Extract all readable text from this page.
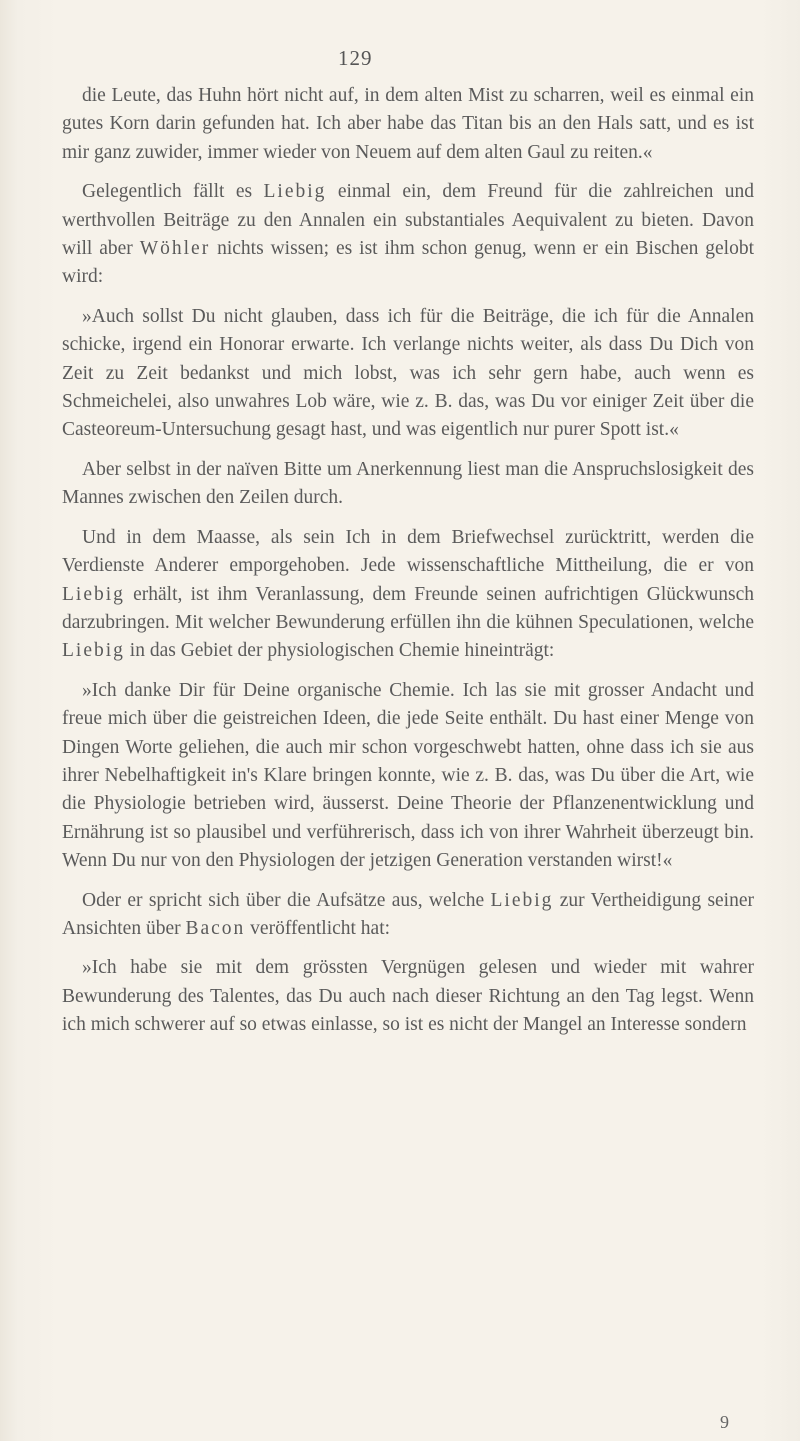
129

die Leute, das Huhn hört nicht auf, in dem alten Mist zu scharren, weil es einmal ein gutes Korn darin gefunden hat. Ich aber habe das Titan bis an den Hals satt, und es ist mir ganz zuwider, immer wieder von Neuem auf dem alten Gaul zu reiten.«

Gelegentlich fällt es Liebig einmal ein, dem Freund für die zahlreichen und werthvollen Beiträge zu den Annalen ein substantiales Aequivalent zu bieten. Davon will aber Wöhler nichts wissen; es ist ihm schon genug, wenn er ein Bischen gelobt wird:

»Auch sollst Du nicht glauben, dass ich für die Beiträge, die ich für die Annalen schicke, irgend ein Honorar erwarte. Ich verlange nichts weiter, als dass Du Dich von Zeit zu Zeit bedankst und mich lobst, was ich sehr gern habe, auch wenn es Schmeichelei, also unwahres Lob wäre, wie z. B. das, was Du vor einiger Zeit über die Casteoreum-Untersuchung gesagt hast, und was eigentlich nur purer Spott ist.«

Aber selbst in der naïven Bitte um Anerkennung liest man die Anspruchslosigkeit des Mannes zwischen den Zeilen durch.

Und in dem Maasse, als sein Ich in dem Briefwechsel zurücktritt, werden die Verdienste Anderer emporgehoben. Jede wissenschaftliche Mittheilung, die er von Liebig erhält, ist ihm Veranlassung, dem Freunde seinen aufrichtigen Glückwunsch darzubringen. Mit welcher Bewunderung erfüllen ihn die kühnen Speculationen, welche Liebig in das Gebiet der physiologischen Chemie hineinträgt:

»Ich danke Dir für Deine organische Chemie. Ich las sie mit grosser Andacht und freue mich über die geistreichen Ideen, die jede Seite enthält. Du hast einer Menge von Dingen Worte geliehen, die auch mir schon vorgeschwebt hatten, ohne dass ich sie aus ihrer Nebelhaftigkeit in's Klare bringen konnte, wie z. B. das, was Du über die Art, wie die Physiologie betrieben wird, äusserst. Deine Theorie der Pflanzenentwicklung und Ernährung ist so plausibel und verführerisch, dass ich von ihrer Wahrheit überzeugt bin. Wenn Du nur von den Physiologen der jetzigen Generation verstanden wirst!«

Oder er spricht sich über die Aufsätze aus, welche Liebig zur Vertheidigung seiner Ansichten über Bacon veröffentlicht hat:

»Ich habe sie mit dem grössten Vergnügen gelesen und wieder mit wahrer Bewunderung des Talentes, das Du auch nach dieser Richtung an den Tag legst. Wenn ich mich schwerer auf so etwas einlasse, so ist es nicht der Mangel an Interesse sondern

9
